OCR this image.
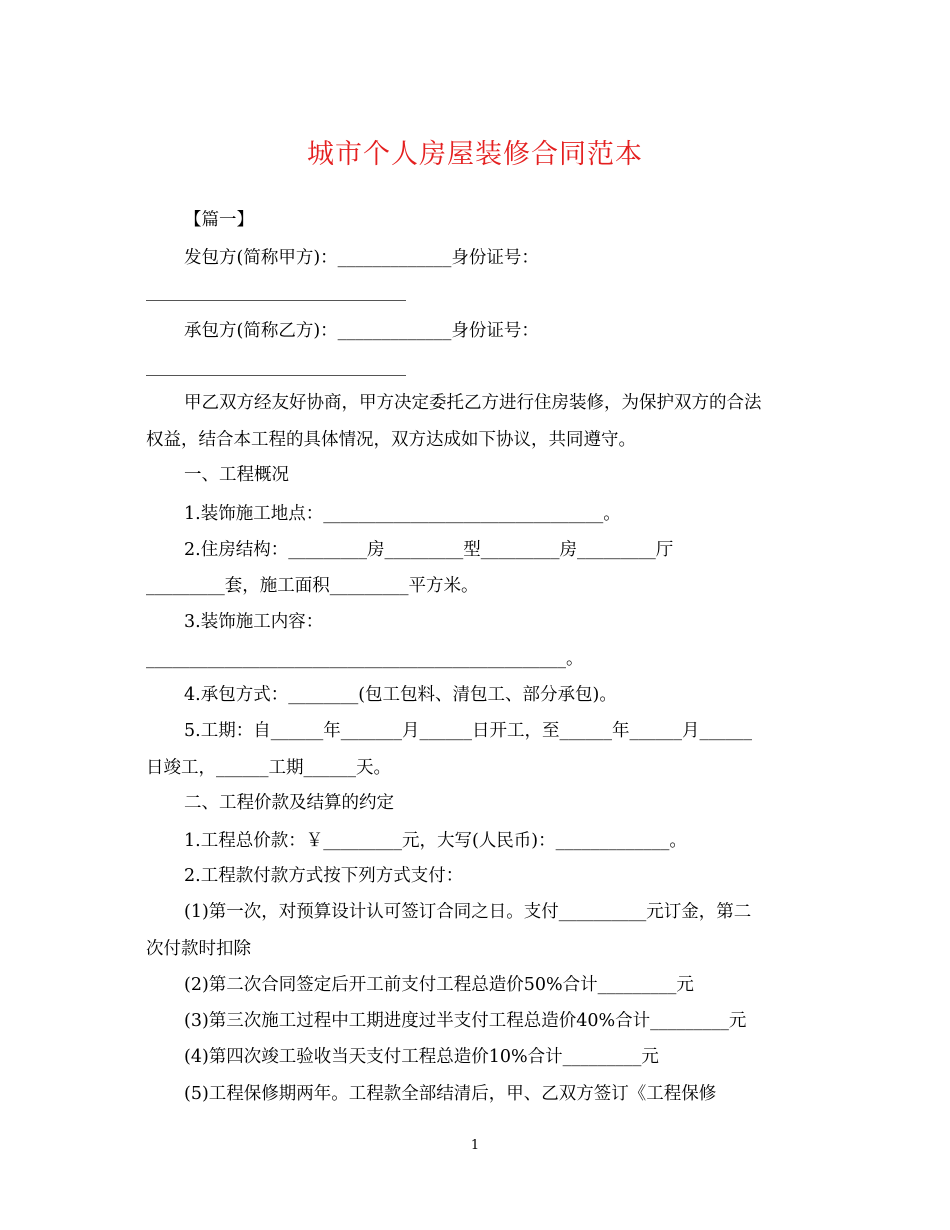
城市个人房屋装修合同范本
【篇一】
发包方(简称甲方)：_____________身份证号：
承包方(简称乙方)：_____________身份证号：
甲乙双方经友好协商，甲方决定委托乙方进行住房装修，为保护双方的合法
权益，结合本工程的具体情况，双方达成如下协议，共同遵守。
一、工程概况
1.装饰施工地点：________________________________。
2.住房结构：_________房_________型_________房_________厅
_________套，施工面积_________平方米。
3.装饰施工内容：
________________________________________________。
4.承包方式：________(包工包料、清包工、部分承包)。
5.工期：自______年_______月______日开工，至______年______月______
日竣工，______工期______天。
二、工程价款及结算的约定
1.工程总价款：￥_________元，大写(人民币)：_____________。
2.工程款付款方式按下列方式支付：
(1)第一次，对预算设计认可签订合同之日。支付__________元订金，第二
次付款时扣除
(2)第二次合同签定后开工前支付工程总造价50%合计_________元
(3)第三次施工过程中工期进度过半支付工程总造价40%合计_________元
(4)第四次竣工验收当天支付工程总造价10%合计_________元
(5)工程保修期两年。工程款全部结清后，甲、乙双方签订《工程保修
1
